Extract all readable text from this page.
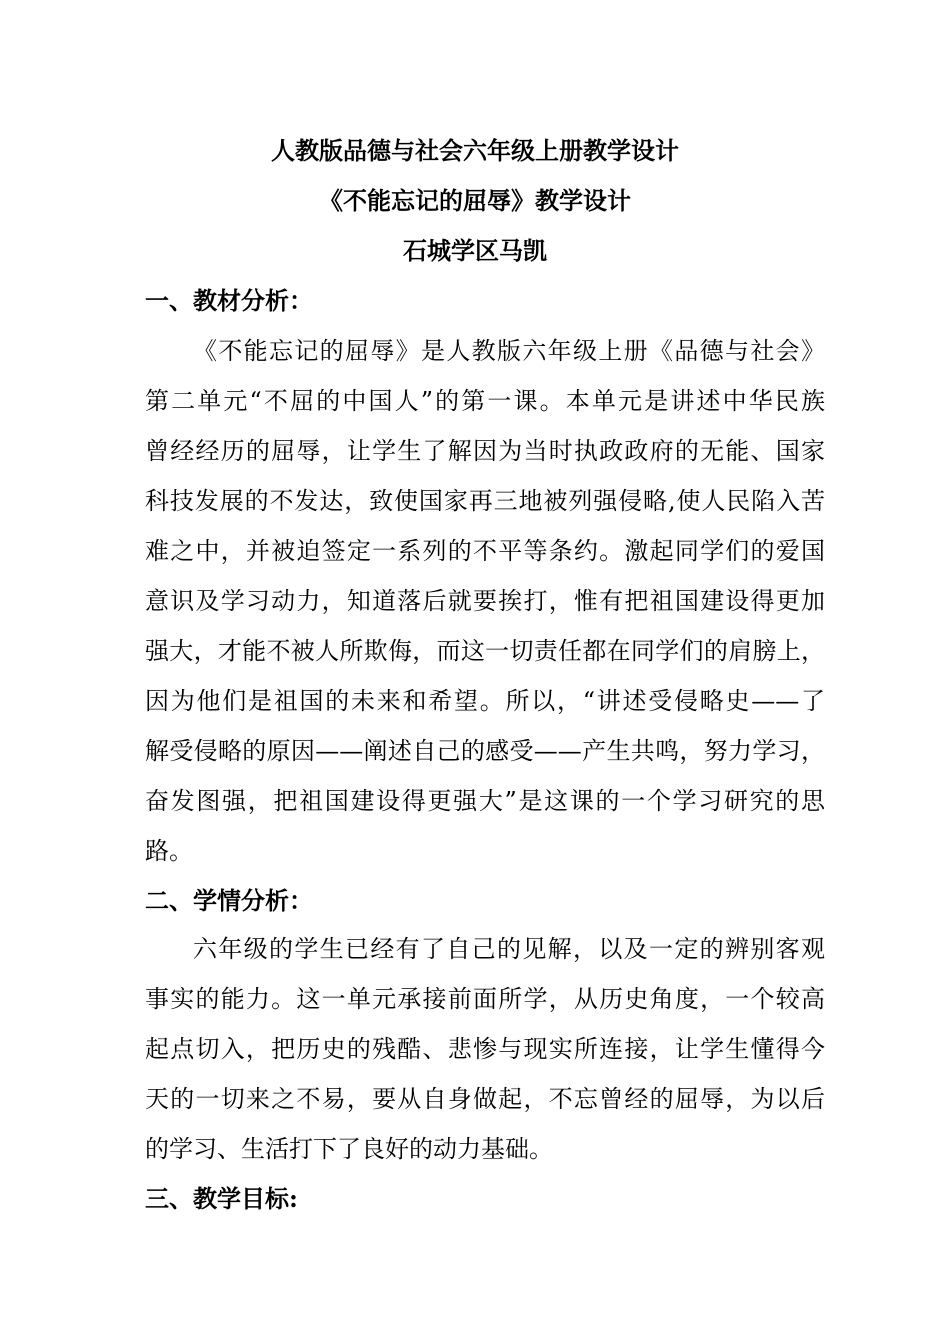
人教版品德与社会六年级上册教学设计
《不能忘记的屈辱》教学设计
石城学区马凯
一、教材分析：
《不能忘记的屈辱》是人教版六年级上册《品德与社会》
第二单元“不屈的中国人”的第一课。本单元是讲述中华民族
曾经经历的屈辱，让学生了解因为当时执政政府的无能、国家
科技发展的不发达，致使国家再三地被列强侵略,使人民陷入苦
难之中，并被迫签定一系列的不平等条约。激起同学们的爱国
意识及学习动力，知道落后就要挨打，惟有把祖国建设得更加
强大，才能不被人所欺侮，而这一切责任都在同学们的肩膀上，
因为他们是祖国的未来和希望。所以，“讲述受侵略史——了
解受侵略的原因——阐述自己的感受——产生共鸣，努力学习，
奋发图强，把祖国建设得更强大”是这课的一个学习研究的思
路。
二、学情分析：
六年级的学生已经有了自己的见解，以及一定的辨别客观
事实的能力。这一单元承接前面所学，从历史角度，一个较高
起点切入，把历史的残酷、悲惨与现实所连接，让学生懂得今
天的一切来之不易，要从自身做起，不忘曾经的屈辱，为以后
的学习、生活打下了良好的动力基础。
三、教学目标:
